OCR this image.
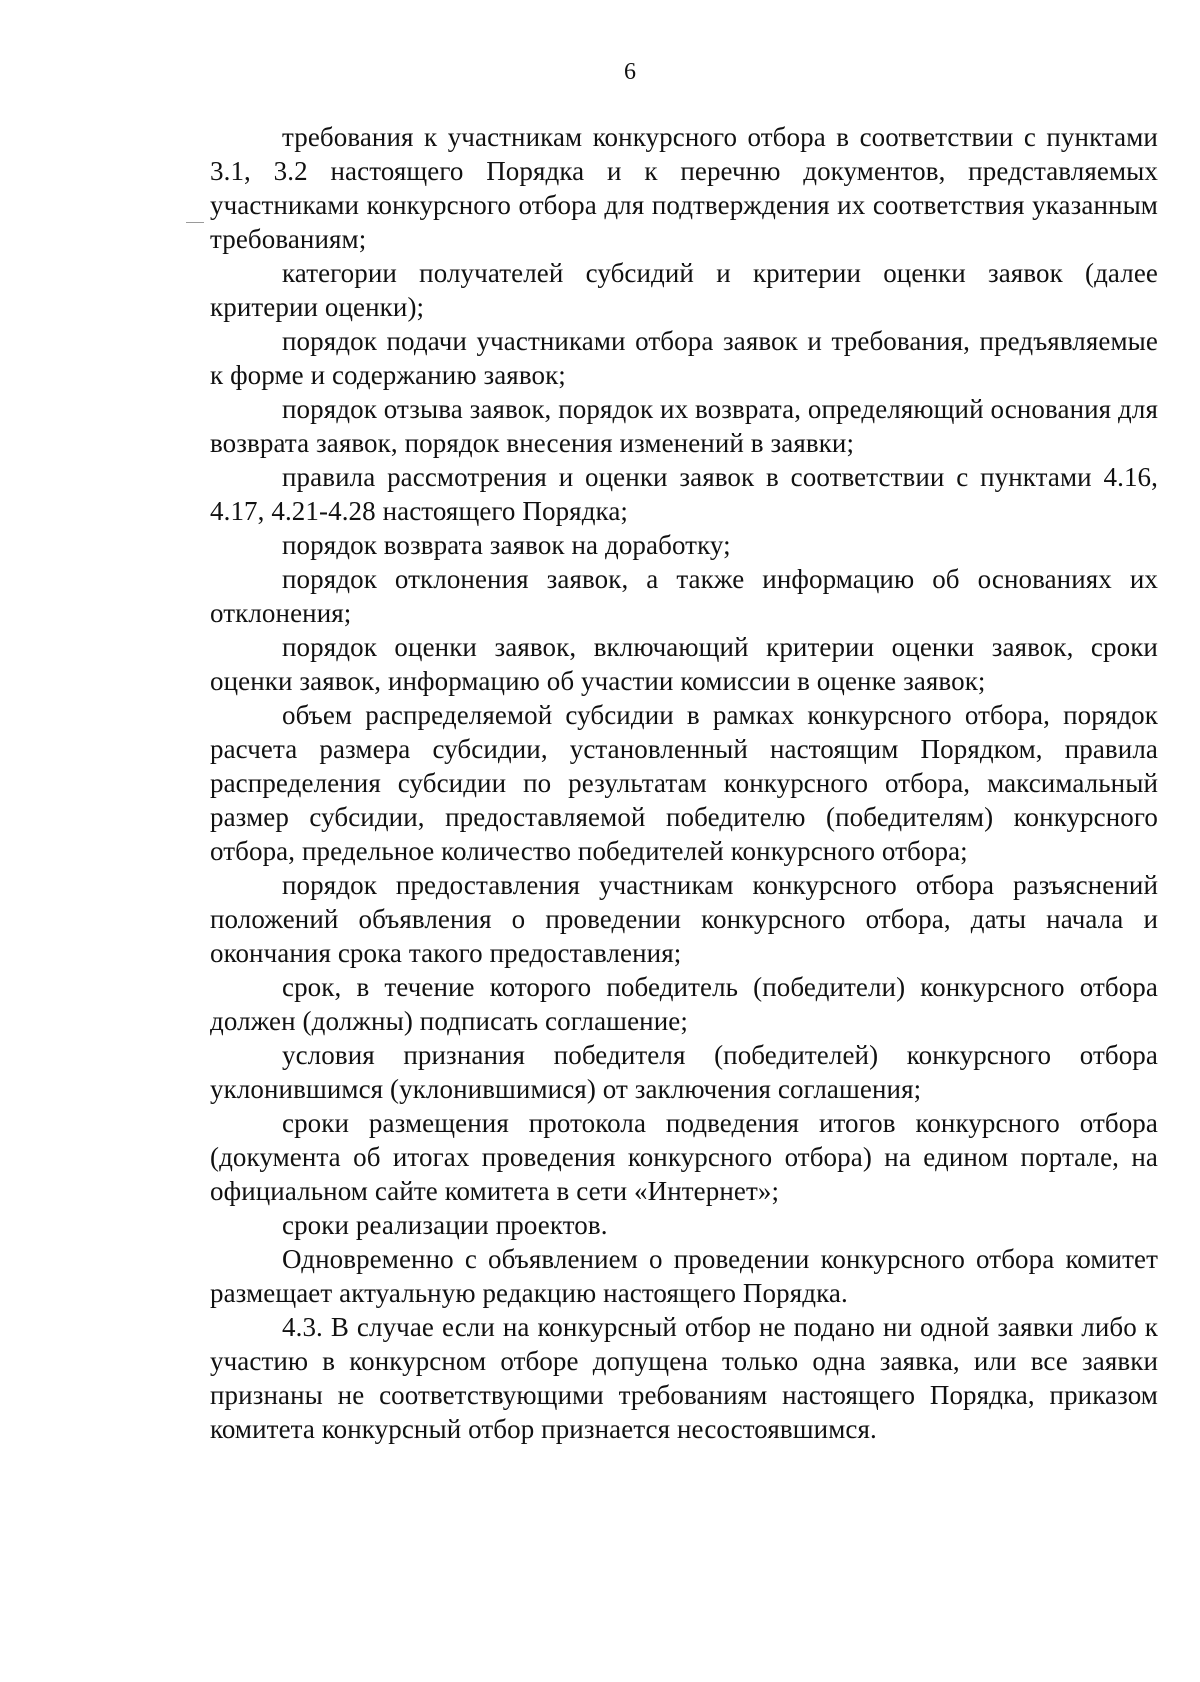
6

требования к участникам конкурсного отбора в соответствии с пунктами 3.1, 3.2 настоящего Порядка и к перечню документов, представляемых участниками конкурсного отбора для подтверждения их соответствия указанным требованиям;

категории получателей субсидий и критерии оценки заявок (далее критерии оценки);

порядок подачи участниками отбора заявок и требования, предъявляемые к форме и содержанию заявок;

порядок отзыва заявок, порядок их возврата, определяющий основания для возврата заявок, порядок внесения изменений в заявки;

правила рассмотрения и оценки заявок в соответствии с пунктами 4.16, 4.17, 4.21-4.28 настоящего Порядка;

порядок возврата заявок на доработку;

порядок отклонения заявок, а также информацию об основаниях их отклонения;

порядок оценки заявок, включающий критерии оценки заявок, сроки оценки заявок, информацию об участии комиссии в оценке заявок;

объем распределяемой субсидии в рамках конкурсного отбора, порядок расчета размера субсидии, установленный настоящим Порядком, правила распределения субсидии по результатам конкурсного отбора, максимальный размер субсидии, предоставляемой победителю (победителям) конкурсного отбора, предельное количество победителей конкурсного отбора;

порядок предоставления участникам конкурсного отбора разъяснений положений объявления о проведении конкурсного отбора, даты начала и окончания срока такого предоставления;

срок, в течение которого победитель (победители) конкурсного отбора должен (должны) подписать соглашение;

условия признания победителя (победителей) конкурсного отбора уклонившимся (уклонившимися) от заключения соглашения;

сроки размещения протокола подведения итогов конкурсного отбора (документа об итогах проведения конкурсного отбора) на едином портале, на официальном сайте комитета в сети «Интернет»;

сроки реализации проектов.

Одновременно с объявлением о проведении конкурсного отбора комитет размещает актуальную редакцию настоящего Порядка.

4.3. В случае если на конкурсный отбор не подано ни одной заявки либо к участию в конкурсном отборе допущена только одна заявка, или все заявки признаны не соответствующими требованиям настоящего Порядка, приказом комитета конкурсный отбор признается несостоявшимся.
